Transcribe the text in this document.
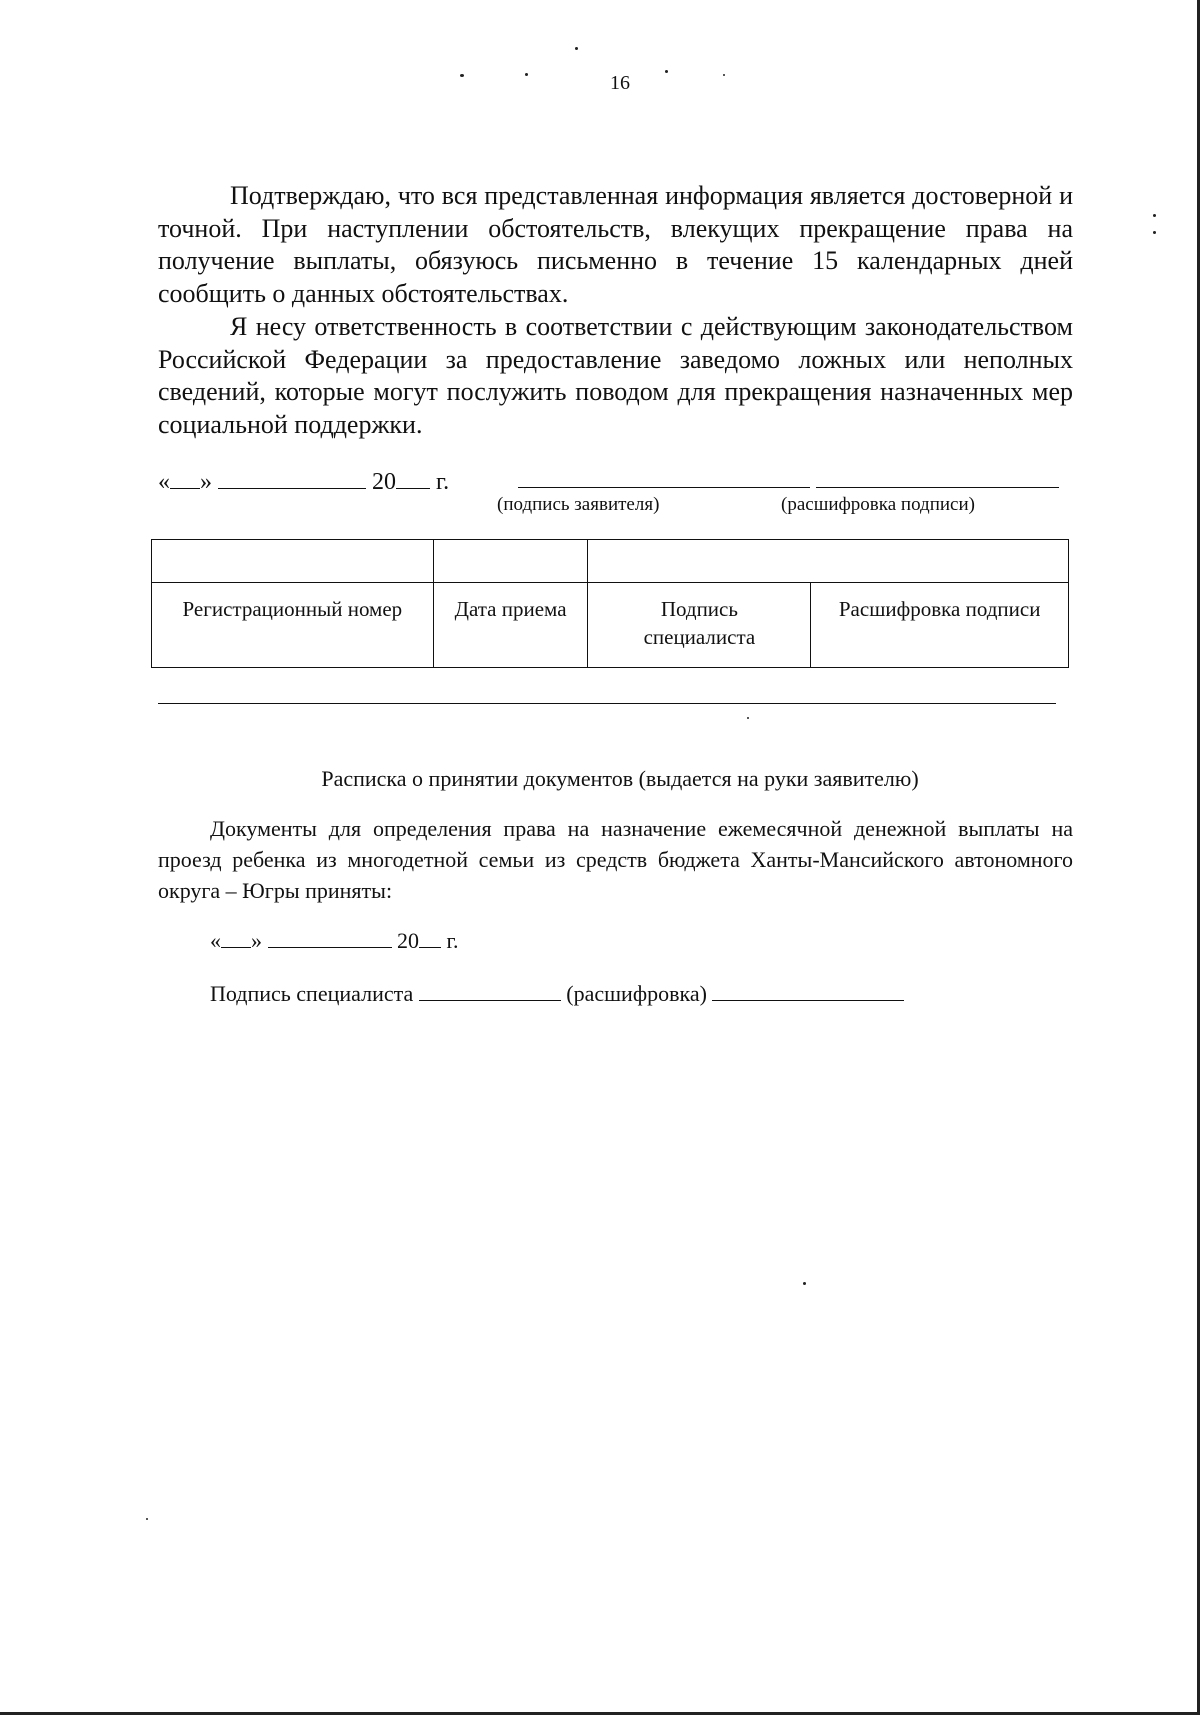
16

Подтверждаю, что вся представленная информация является достоверной и точной. При наступлении обстоятельств, влекущих прекращение права на получение выплаты, обязуюсь письменно в течение 15 календарных дней сообщить о данных обстоятельствах.

Я несу ответственность в соответствии с действующим законодательством Российской Федерации за предоставление заведомо ложных или неполных сведений, которые могут послужить поводом для прекращения назначенных мер социальной поддержки.

« »	20 г.
(подпись заявителя)	(расшифровка подписи)

Регистрационный номер	Дата приема	Подпись специалиста	Расшифровка подписи
Расписка о принятии документов (выдается на руки заявителю)

Документы для определения права на назначение ежемесячной денежной выплаты на проезд ребенка из многодетной семьи из средств бюджета Ханты-Мансийского автономного округа – Югры приняты:

« »	20 г.
Подпись специалиста	(расшифровка)
